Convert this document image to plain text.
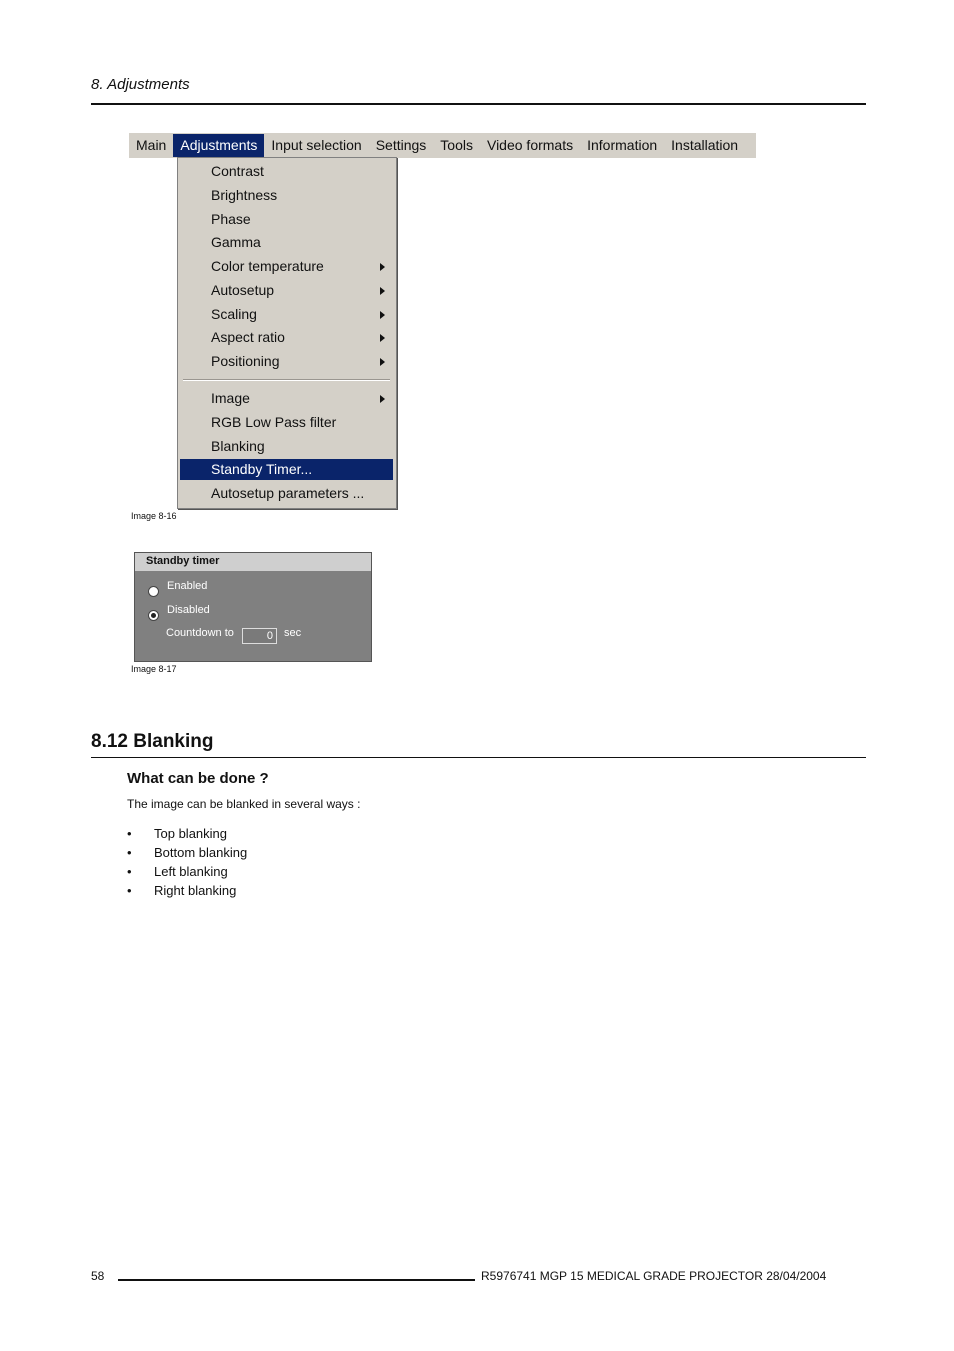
8. Adjustments
Main	Adjustments	Input selection	Settings	Tools	Video formats	Information	Installation
Contrast
Brightness
Phase
Gamma
Color temperature
Autosetup
Scaling
Aspect ratio
Positioning
Image
RGB Low Pass filter
Blanking
Standby Timer...
Autosetup parameters ...
Image 8-16
Standby timer
Enabled
Disabled
Countdown to	0	sec
Image 8-17
8.12 Blanking
What can be done ?
The image can be blanked in several ways :
• Top blanking
• Bottom blanking
• Left blanking
• Right blanking
58	R5976741 MGP 15 MEDICAL GRADE PROJECTOR 28/04/2004
